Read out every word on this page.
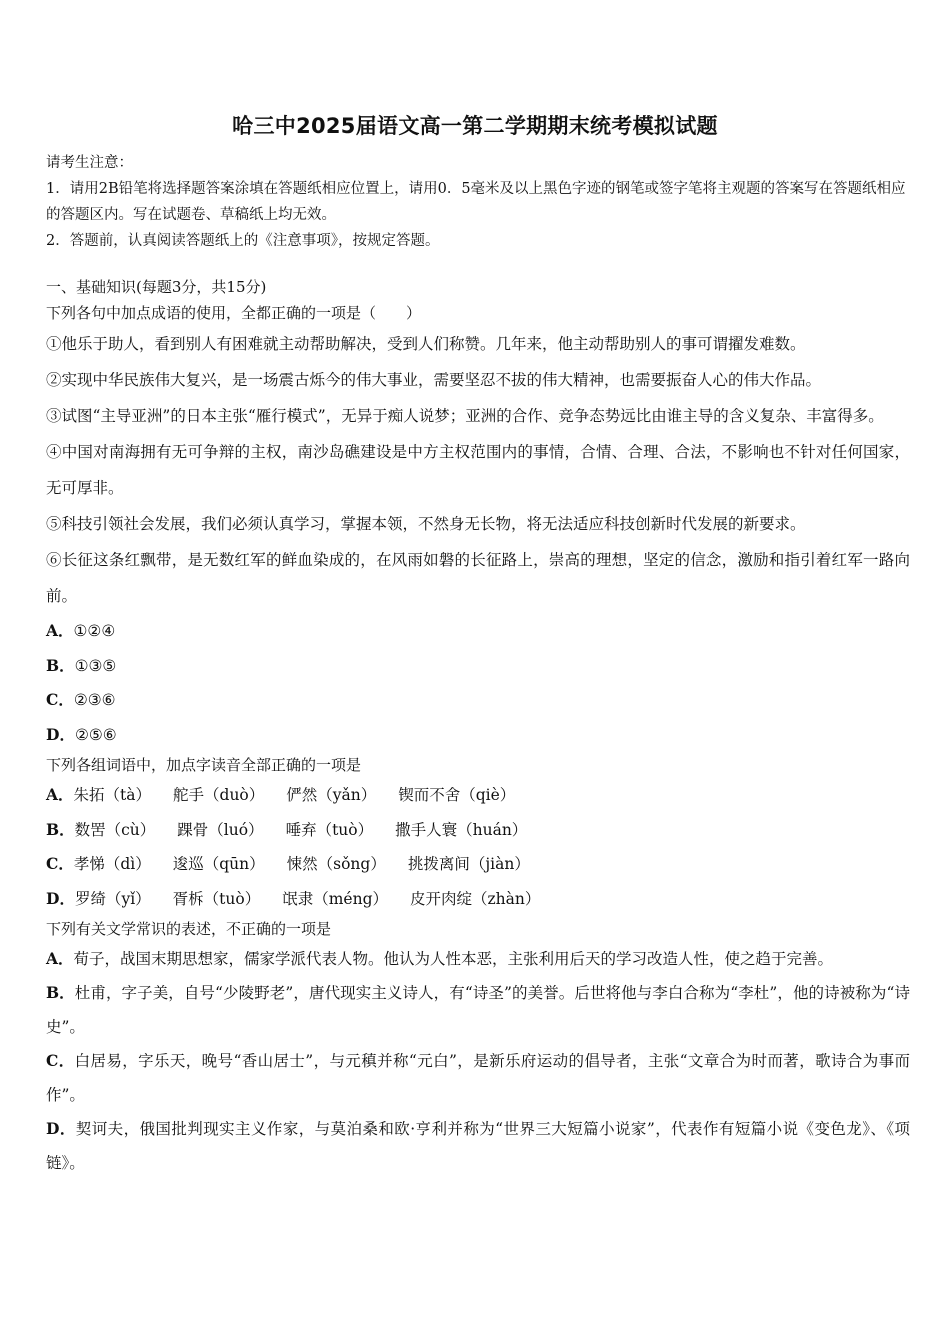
哈三中2025届语文高一第二学期期末统考模拟试题

请考生注意：

1．请用2B铅笔将选择题答案涂填在答题纸相应位置上，请用0．5毫米及以上黑色字迹的钢笔或签字笔将主观题的答案写在答题纸相应的答题区内。写在试题卷、草稿纸上均无效。

2．答题前，认真阅读答题纸上的《注意事项》，按规定答题。

一、基础知识(每题3分，共15分)

下列各句中加点成语的使用，全都正确的一项是（　　）

①他乐于助人，看到别人有困难就主动帮助解决，受到人们称赞。几年来，他主动帮助别人的事可谓擢发难数。

②实现中华民族伟大复兴，是一场震古烁今的伟大事业，需要坚忍不拔的伟大精神，也需要振奋人心的伟大作品。

③试图“主导亚洲”的日本主张“雁行模式”，无异于痴人说梦；亚洲的合作、竞争态势远比由谁主导的含义复杂、丰富得多。

④中国对南海拥有无可争辩的主权，南沙岛礁建设是中方主权范围内的事情，合情、合理、合法，不影响也不针对任何国家，无可厚非。

⑤科技引领社会发展，我们必须认真学习，掌握本领，不然身无长物，将无法适应科技创新时代发展的新要求。

⑥长征这条红飘带，是无数红军的鲜血染成的，在风雨如磐的长征路上，崇高的理想，坚定的信念，激励和指引着红军一路向前。

A．①②④

B．①③⑤

C．②③⑥

D．②⑤⑥

下列各组词语中，加点字读音全部正确的一项是

A．朱拓（tà） 舵手（duò） 俨然（yǎn） 锲而不舍（qiè）

B．数罟（cù） 踝骨（luó） 唾弃（tuò） 撒手人寰（huán）

C．孝悌（dì） 逡巡（qūn） 悚然（sǒng） 挑拨离间（jiàn）

D．罗绮（yǐ） 胥柝（tuò） 氓隶（méng） 皮开肉绽（zhàn）

下列有关文学常识的表述，不正确的一项是

A．荀子，战国末期思想家，儒家学派代表人物。他认为人性本恶，主张利用后天的学习改造人性，使之趋于完善。

B．杜甫，字子美，自号“少陵野老”，唐代现实主义诗人，有“诗圣”的美誉。后世将他与李白合称为“李杜”，他的诗被称为“诗史”。

C．白居易，字乐天，晚号“香山居士”，与元稹并称“元白”，是新乐府运动的倡导者，主张“文章合为时而著，歌诗合为事而作”。

D．契诃夫，俄国批判现实主义作家，与莫泊桑和欧·亨利并称为“世界三大短篇小说家”，代表作有短篇小说《变色龙》、《项链》。
